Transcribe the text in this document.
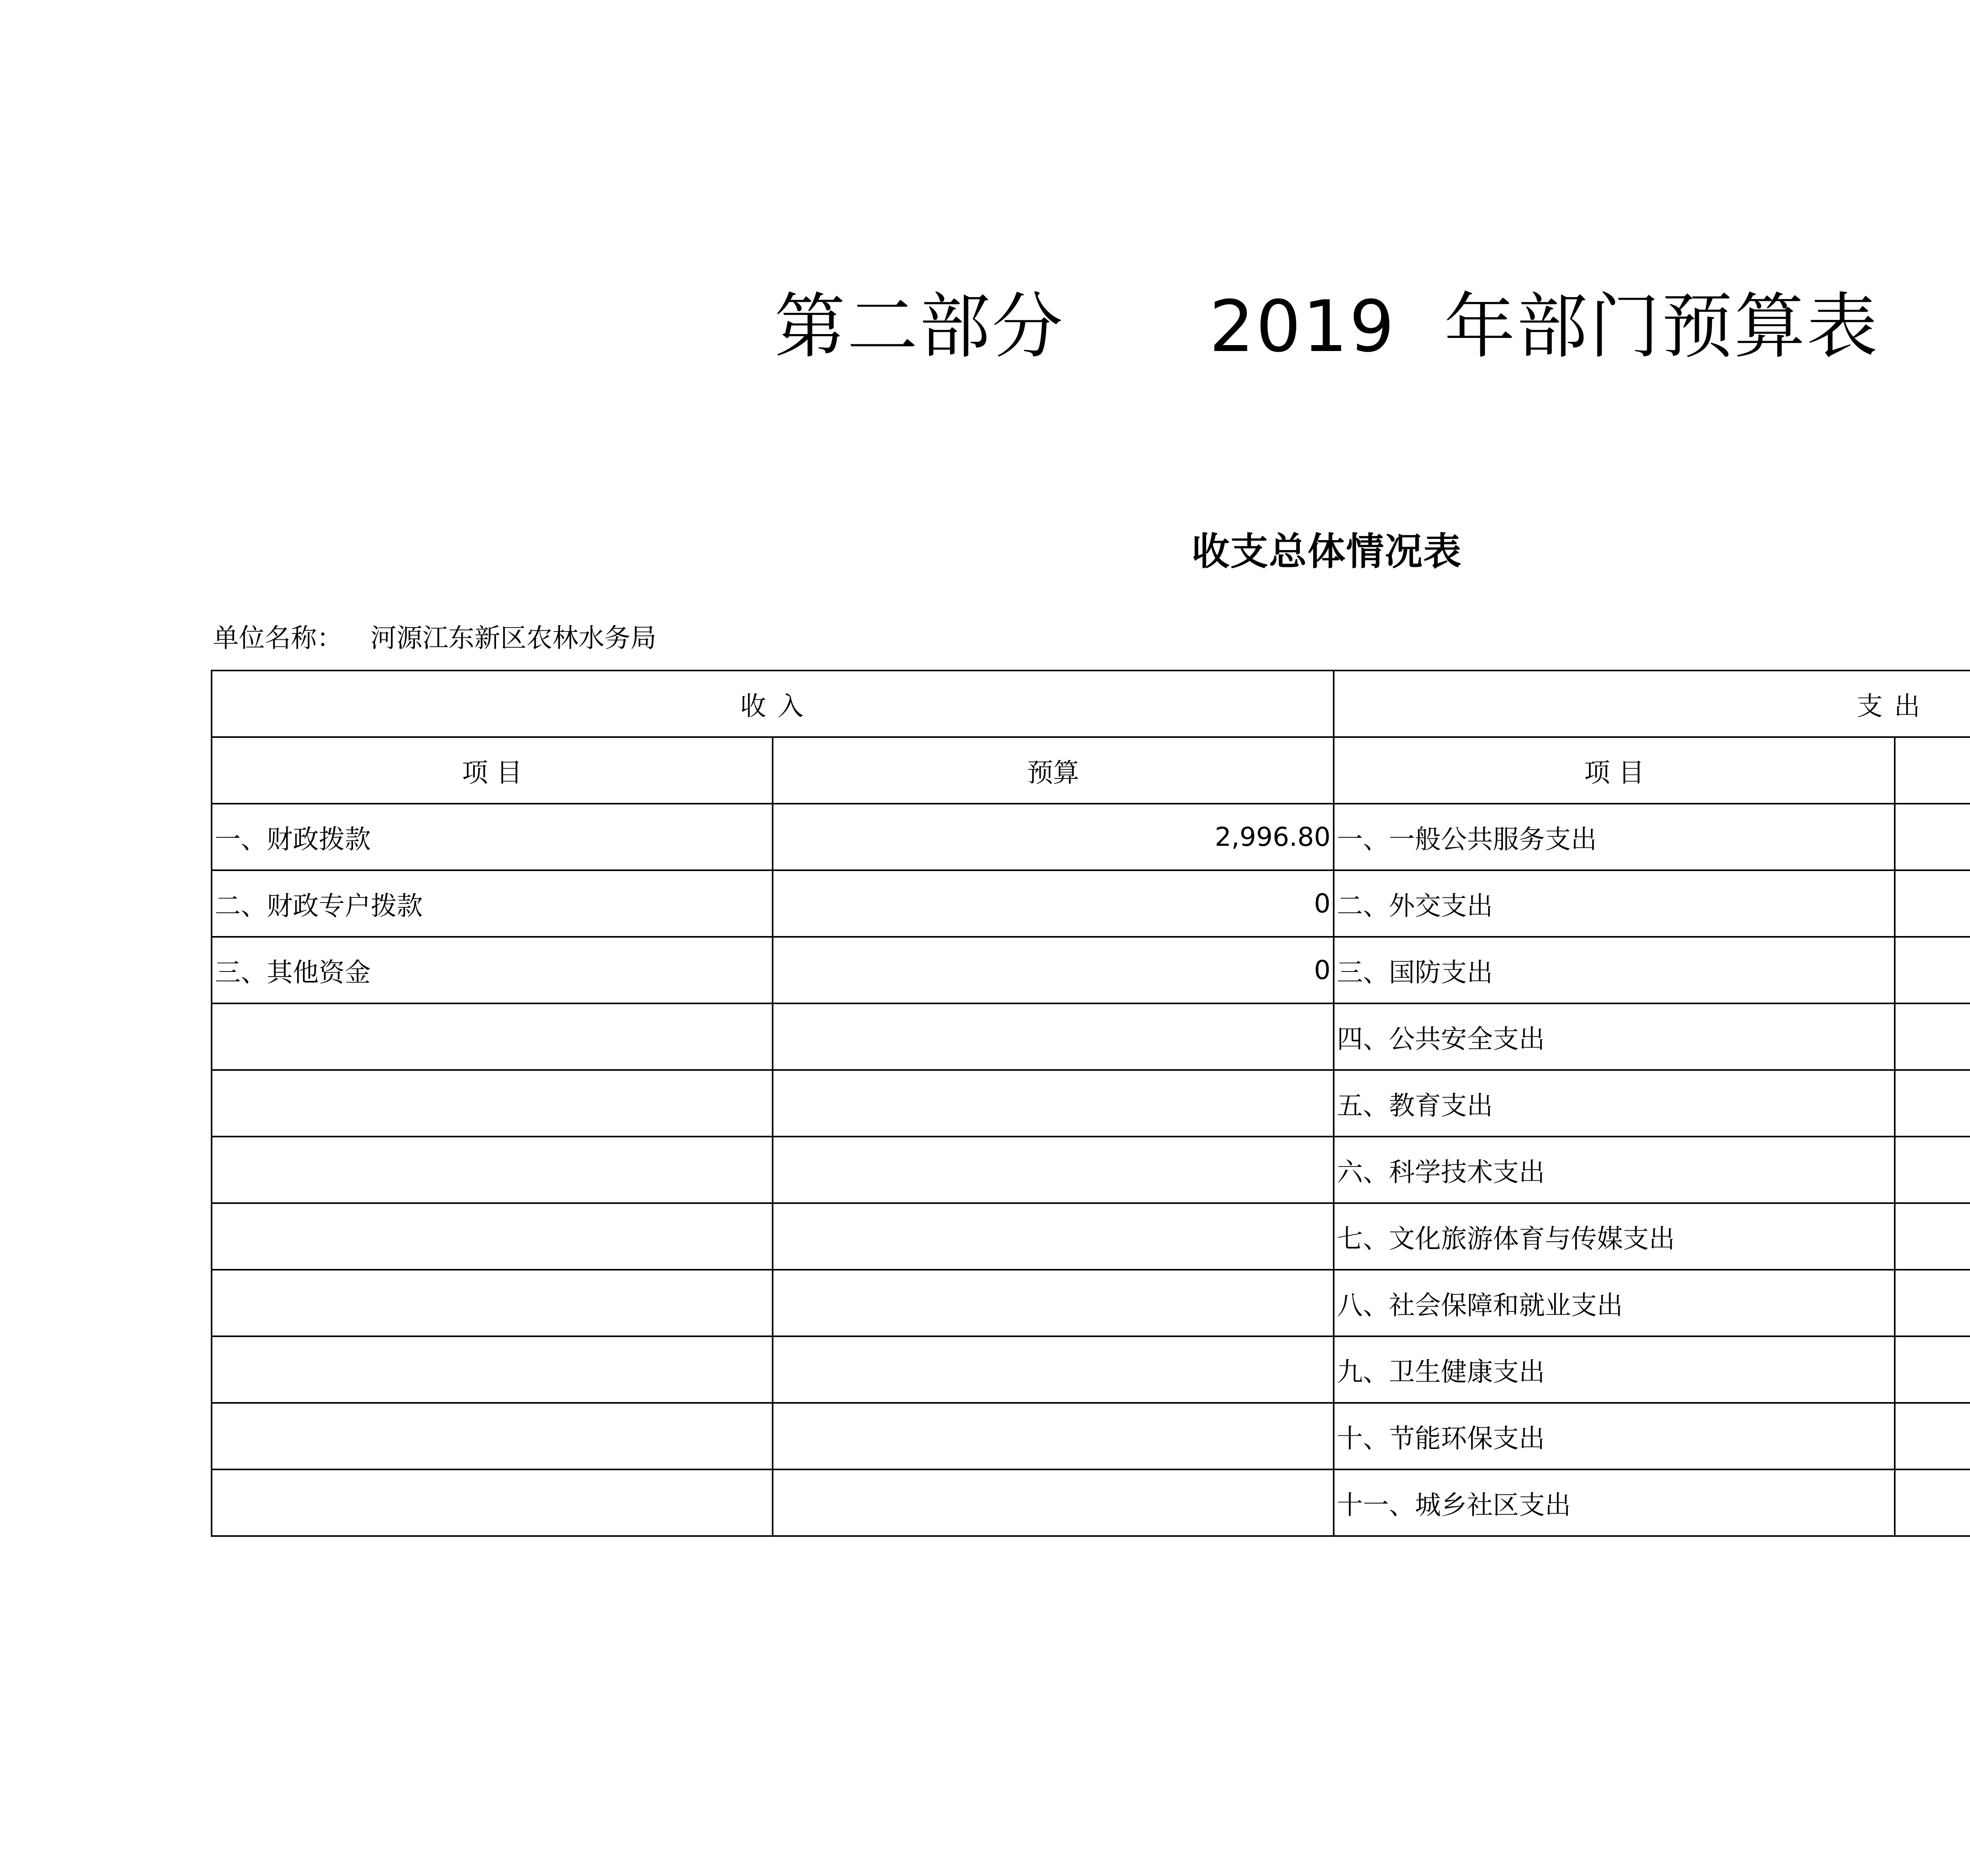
第二部分      2019  年部门预算表
收支总体情况表
单位名称： 河源江东新区农林水务局
收 入		支 出	
项 目	预算	项 目	
一、财政拨款	2,996.80	一、一般公共服务支出	
二、财政专户拨款	0	二、外交支出	
三、其他资金	0	三、国防支出	
		四、公共安全支出	
		五、教育支出	
		六、科学技术支出	
		七、文化旅游体育与传媒支出	
		八、社会保障和就业支出	
		九、卫生健康支出	
		十、节能环保支出	
		十一、城乡社区支出	
